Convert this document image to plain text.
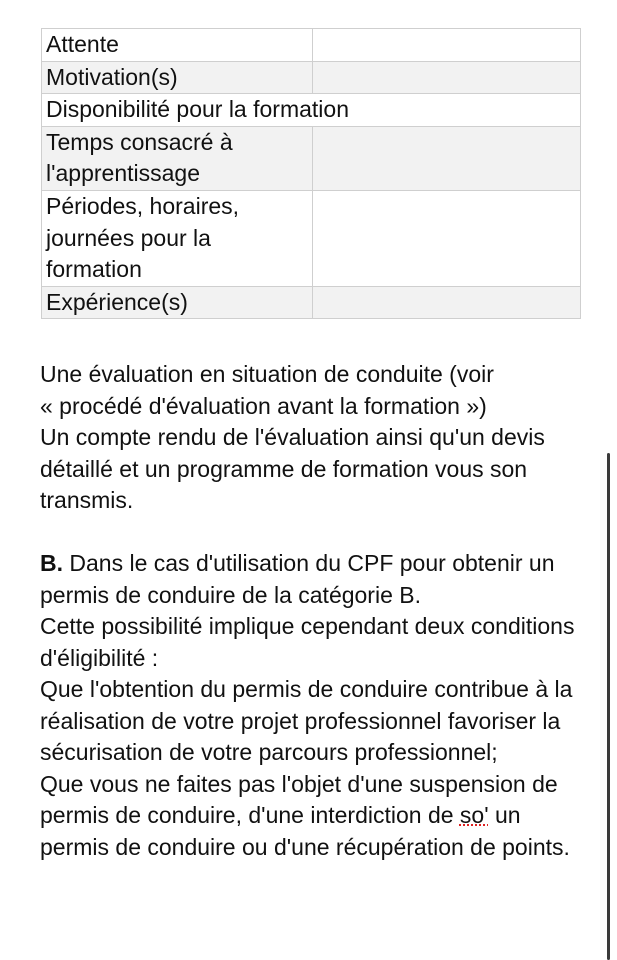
Attente	
Motivation(s)	
Disponibilité pour la formation	
Temps consacré à l'apprentissage	
Périodes, horaires, journées pour la formation	
Expérience(s)	

Une évaluation en situation de conduite (voir
« procédé d'évaluation avant la formation »)

Un compte rendu de l'évaluation ainsi qu'un devis détaillé et un programme de formation vous son transmis.

B. Dans le cas d'utilisation du CPF pour obtenir un permis de conduire de la catégorie B.

Cette possibilité implique cependant deux conditions d'éligibilité :

Que l'obtention du permis de conduire contribue à la réalisation de votre projet professionnel favoriser la sécurisation de votre parcours professionnel;

Que vous ne faites pas l'objet d'une suspension de permis de conduire, d'une interdiction de so' un permis de conduire ou d'une récupération de points.
